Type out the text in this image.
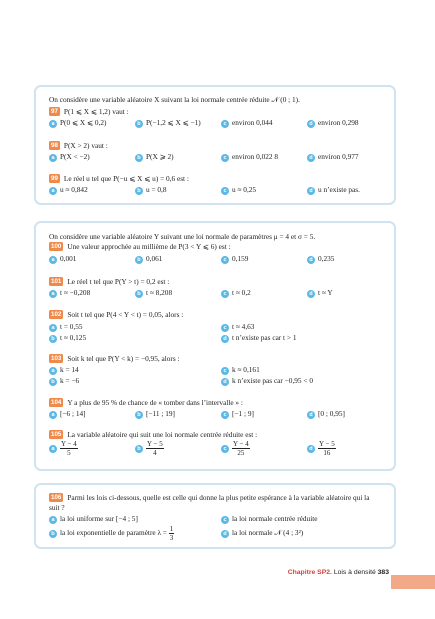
On considère une variable aléatoire X suivant la loi normale centrée réduite 𝒩 (0 ; 1).
97 P(1 ⩽ X ⩽ 1,2) vaut :
a P(0 ⩽ X ⩽ 0,2)	b P(−1,2 ⩽ X ⩽ −1)	c environ 0,044	d environ 0,298
98 P(X > 2) vaut :
a P(X < −2)	b P(X ⩾ 2)	c environ 0,022 8	d environ 0,977
99 Le réel u tel que P(−u ⩽ X ⩽ u) = 0,6 est :
a u ≈ 0,842	b u = 0,8	c u ≈ 0,25	d u n’existe pas.
On considère une variable aléatoire Y suivant une loi normale de paramètres μ = 4 et σ = 5.
100 Une valeur approchée au millième de P(3 < Y ⩽ 6) est :
a 0,001	b 0,061	c 0,159	d 0,235
101 Le réel t tel que P(Y > t) = 0,2 est :
a t ≈ −0,208	b t ≈ 8,208	c t ≈ 0,2	d t ≈ Y
102 Soit t tel que P(4 < Y < t) = 0,05, alors :
a t = 0,55	c t ≈ 4,63
b t ≈ 0,125	d t n’existe pas car t > 1
103 Soit k tel que P(Y < k) = −0,95, alors :
a k = 14	c k ≈ 0,161
b k = −6	d k n’existe pas car −0,95 < 0
104 Y a plus de 95 % de chance de « tomber dans l’intervalle » :
a [−6 ; 14]	b [−11 ; 19]	c [−1 ; 9]	d [0 ; 0,95]
105 La variable aléatoire qui suit une loi normale centrée réduite est :
a $\frac{Y - 4}{5}$	b $\frac{Y - 5}{4}$	c $\frac{Y - 4}{25}$	d $\frac{Y - 5}{16}$
106 Parmi les lois ci-dessous, quelle est celle qui donne la plus petite espérance à la variable aléatoire qui la
suit ?
a la loi uniforme sur [−4 ; 5]	c la loi normale centrée réduite
b la loi exponentielle de paramètre $\lambda = \frac{1}{3}$	d la loi normale 𝒩 (4 ; 3²)
Chapitre SP2. Lois à densité 383
